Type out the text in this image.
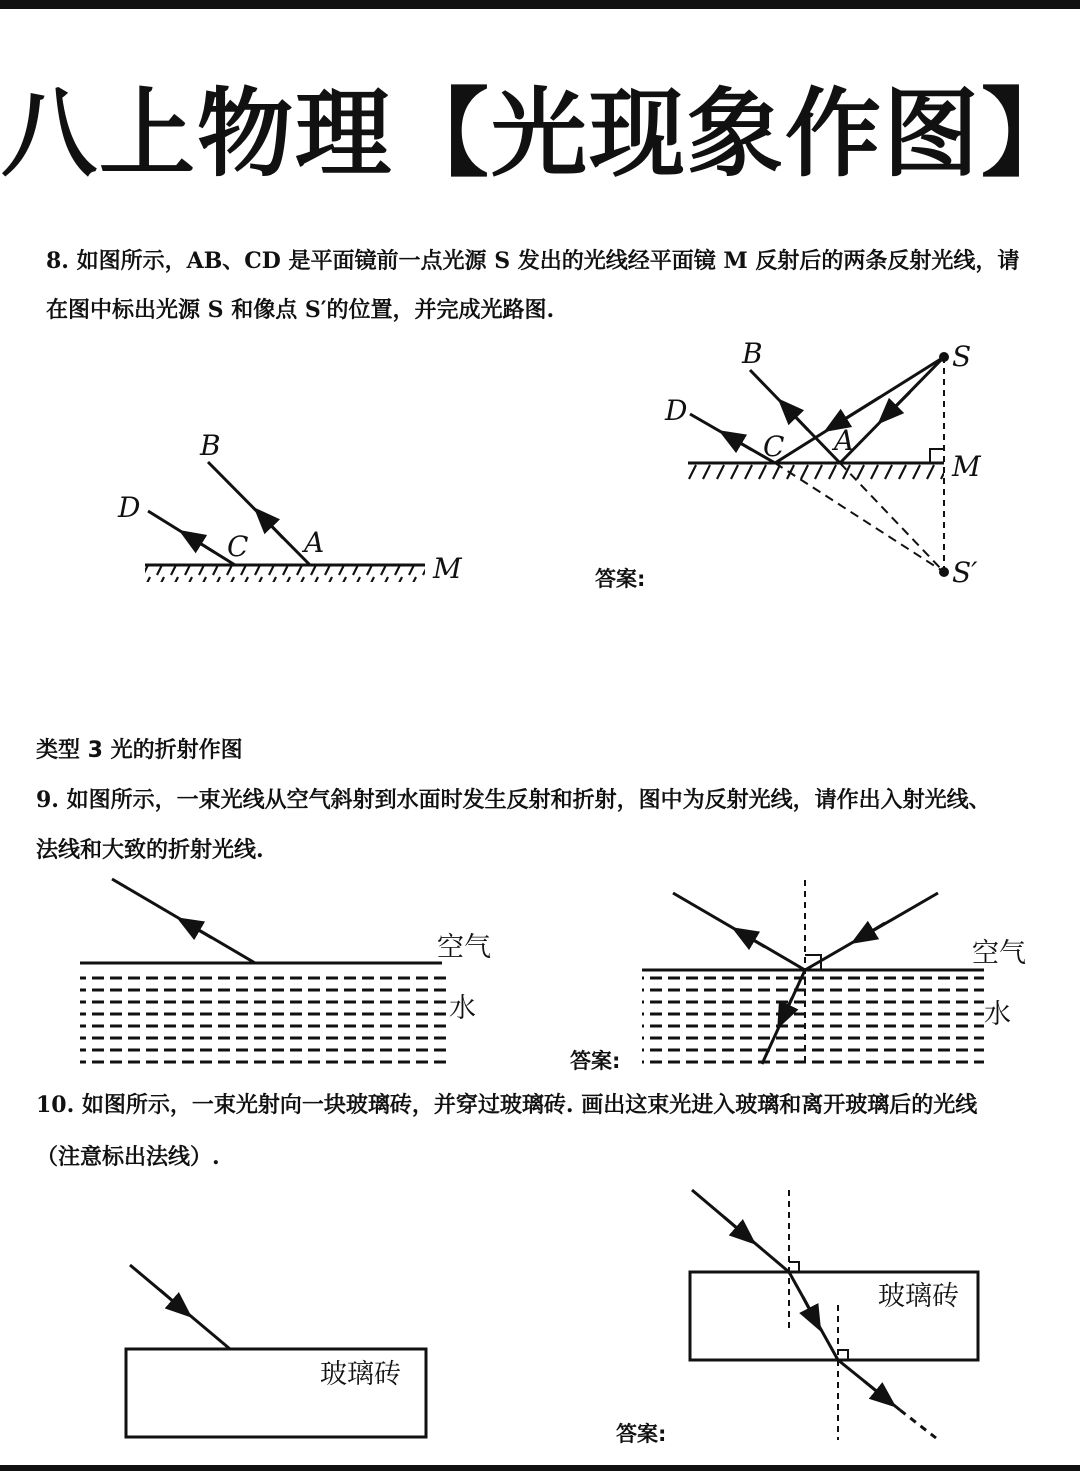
八上物理【光现象作图】

8. 如图所示，AB、CD 是平面镜前一点光源 S 发出的光线经平面镜 M 反射后的两条反射光线，请

在图中标出光源 S 和像点 S′的位置，并完成光路图.

答案:

类型 3 光的折射作图

9. 如图所示，一束光线从空气斜射到水面时发生反射和折射，图中为反射光线，请作出入射光线、

法线和大致的折射光线.

答案:

10. 如图所示，一束光射向一块玻璃砖，并穿过玻璃砖. 画出这束光进入玻璃和离开玻璃后的光线

（注意标出法线）.

答案:

B
D
C A
M
B
D
C A
S
M
S′
空气
水
空气
水
玻璃砖
玻璃砖
